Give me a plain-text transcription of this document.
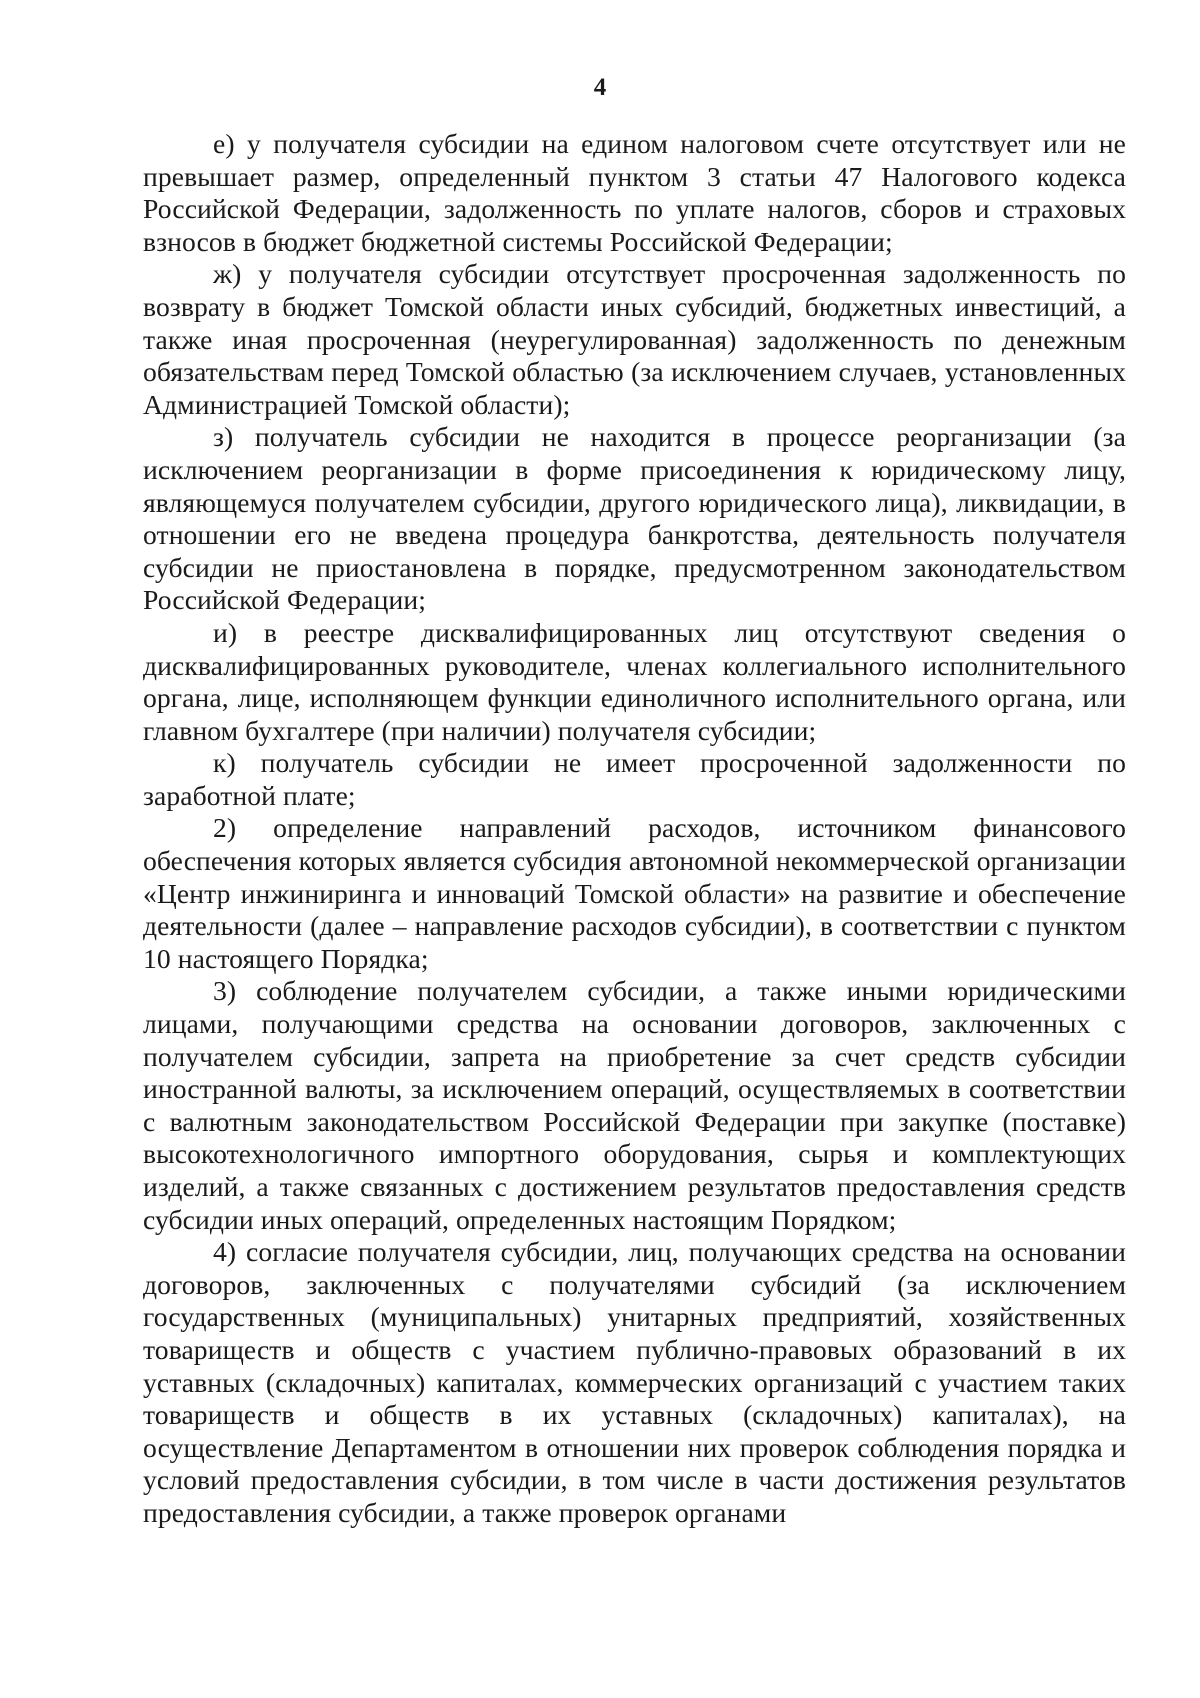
4

е) у получателя субсидии на едином налоговом счете отсутствует или не превышает размер, определенный пунктом 3 статьи 47 Налогового кодекса Российской Федерации, задолженность по уплате налогов, сборов и страховых взносов в бюджет бюджетной системы Российской Федерации;

ж) у получателя субсидии отсутствует просроченная задолженность по возврату в бюджет Томской области иных субсидий, бюджетных инвестиций, а также иная просроченная (неурегулированная) задолженность по денежным обязательствам перед Томской областью (за исключением случаев, установленных Администрацией Томской области);

з) получатель субсидии не находится в процессе реорганизации (за исключением реорганизации в форме присоединения к юридическому лицу, являющемуся получателем субсидии, другого юридического лица), ликвидации, в отношении его не введена процедура банкротства, деятельность получателя субсидии не приостановлена в порядке, предусмотренном законодательством Российской Федерации;

и) в реестре дисквалифицированных лиц отсутствуют сведения о дисквалифицированных руководителе, членах коллегиального исполнительного органа, лице, исполняющем функции единоличного исполнительного органа, или главном бухгалтере (при наличии) получателя субсидии;

к) получатель субсидии не имеет просроченной задолженности по заработной плате;

2) определение направлений расходов, источником финансового обеспечения которых является субсидия автономной некоммерческой организации «Центр инжиниринга и инноваций Томской области» на развитие и обеспечение деятельности (далее – направление расходов субсидии), в соответствии с пунктом 10 настоящего Порядка;

3) соблюдение получателем субсидии, а также иными юридическими лицами, получающими средства на основании договоров, заключенных с получателем субсидии, запрета на приобретение за счет средств субсидии иностранной валюты, за исключением операций, осуществляемых в соответствии с валютным законодательством Российской Федерации при закупке (поставке) высокотехнологичного импортного оборудования, сырья и комплектующих изделий, а также связанных с достижением результатов предоставления средств субсидии иных операций, определенных настоящим Порядком;

4) согласие получателя субсидии, лиц, получающих средства на основании договоров, заключенных с получателями субсидий (за исключением государственных (муниципальных) унитарных предприятий, хозяйственных товариществ и обществ с участием публично-правовых образований в их уставных (складочных) капиталах, коммерческих организаций с участием таких товариществ и обществ в их уставных (складочных) капиталах), на осуществление Департаментом в отношении них проверок соблюдения порядка и условий предоставления субсидии, в том числе в части достижения результатов предоставления субсидии, а также проверок органами
